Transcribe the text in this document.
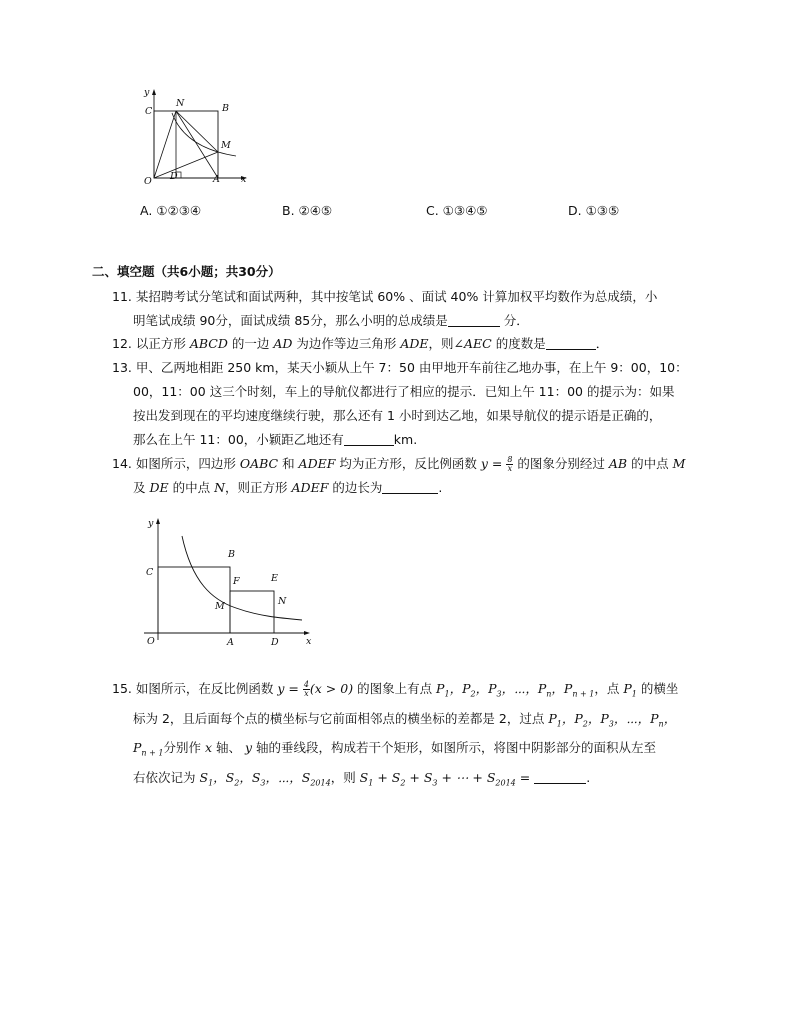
y
C
N	B
M
O D	A x
A. ①②③④	B. ②④⑤	C. ①③④⑤	D. ①③⑤
二、填空题（共6小题；共30分）
11. 某招聘考试分笔试和面试两种，其中按笔试 60% 、面试 40% 计算加权平均数作为总成绩，小
明笔试成绩 90分，面试成绩 85分，那么小明的总成绩是	分．
12. 以正方形 ABCD 的一边 AD 为边作等边三角形 ADE，则∠AEC 的度数是	．
13. 甲、乙两地相距 250 km，某天小颖从上午 7：50 由甲地开车前往乙地办事，在上午 9：00，10：
00，11：00 这三个时刻，车上的导航仪都进行了相应的提示．已知上午 11：00 的提示为：如果
按出发到现在的平均速度继续行驶，那么还有 1 小时到达乙地，如果导航仪的提示语是正确的，
那么在上午 11：00，小颖距乙地还有	km.
14. 如图所示，四边形 OABC 和 ADEF 均为正方形，反比例函数 $y = \frac{8}{x}$ 的图象分别经过 AB 的中点 M
及 DE 的中点 N，则正方形 ADEF 的边长为	.
y
C
B
F	E
M	N
O	A	D	x
15. 如图所示，在反比例函数 $y = \frac{4}{x} (x > 0)$ 的图象上有点 $P_1$，$P_2$，$P_3$，⋯，$P_n$，$P_{n + 1}$，点 $P_1$ 的横坐
标为 2，且后面每个点的横坐标与它前面相邻点的横坐标的差都是 2，过点 $P_1$，$P_2$，$P_3$，⋯，$P_n$，
$P_{n + 1}$分别作 x 轴、 y 轴的垂线段，构成若干个矩形，如图所示，将图中阴影部分的面积从左至
右依次记为 $S_1$，$S_2$，$S_3$，⋯，$S_{2014}$，则 $S_1 + S_2 + S_3$ + ⋯ + $S_{2014}$ =	.
